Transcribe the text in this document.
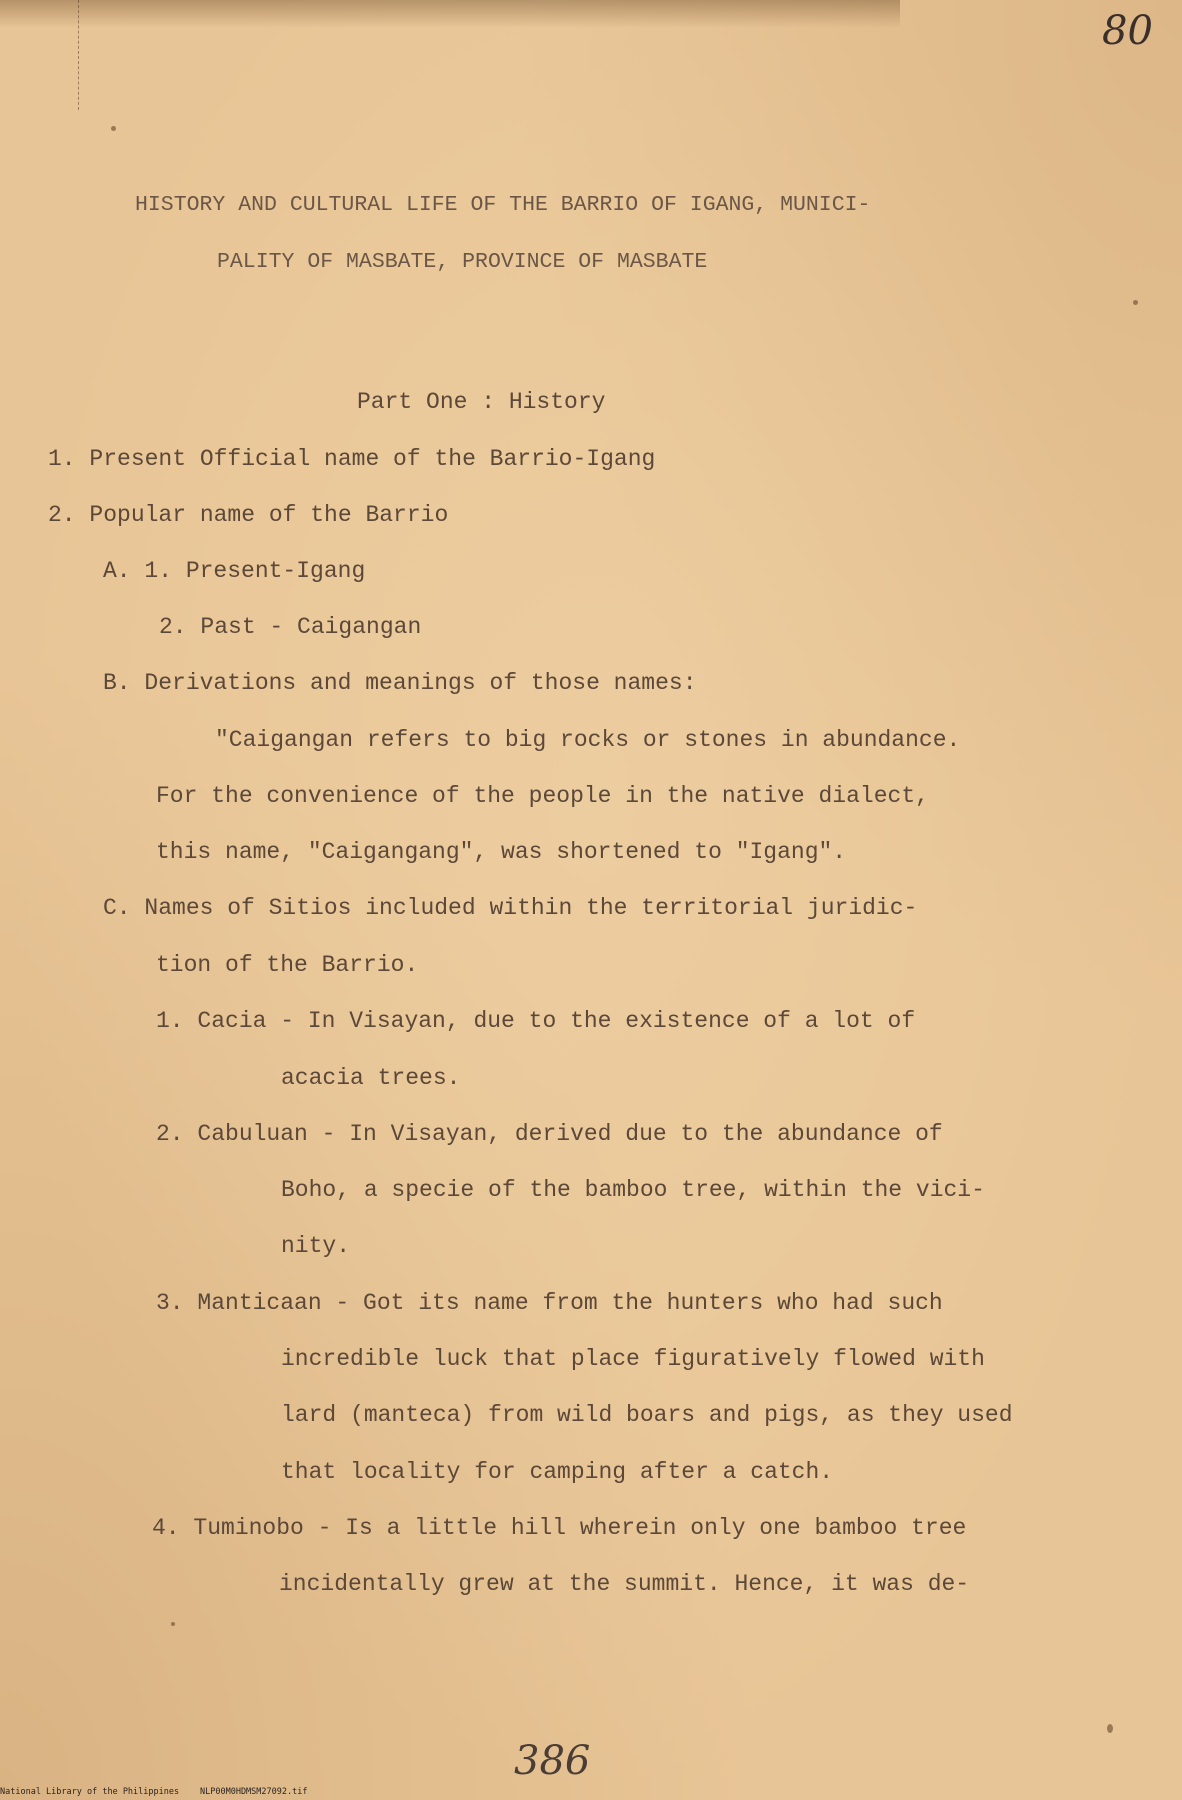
80

HISTORY AND CULTURAL LIFE OF THE BARRIO OF IGANG, MUNICI-

PALITY OF MASBATE, PROVINCE OF MASBATE

Part One : History

1. Present Official name of the Barrio-Igang

2. Popular name of the Barrio

A. 1. Present-Igang

2. Past - Caigangan

B. Derivations and meanings of those names:

"Caigangan refers to big rocks or stones in abundance.

For the convenience of the people in the native dialect,

this name, "Caigangang", was shortened to "Igang".

C. Names of Sitios included within the territorial juridic-

tion of the Barrio.

1. Cacia - In Visayan, due to the existence of a lot of

acacia trees.

2. Cabuluan - In Visayan, derived due to the abundance of

Boho, a specie of the bamboo tree, within the vici-

nity.

3. Manticaan - Got its name from the hunters who had such

incredible luck that place figuratively flowed with

lard (manteca) from wild boars and pigs, as they used

that locality for camping after a catch.

4. Tuminobo - Is a little hill wherein only one bamboo tree

incidentally grew at the summit. Hence, it was de-

386

National Library of the Philippines NLP00M0HDMSM27092.tif
